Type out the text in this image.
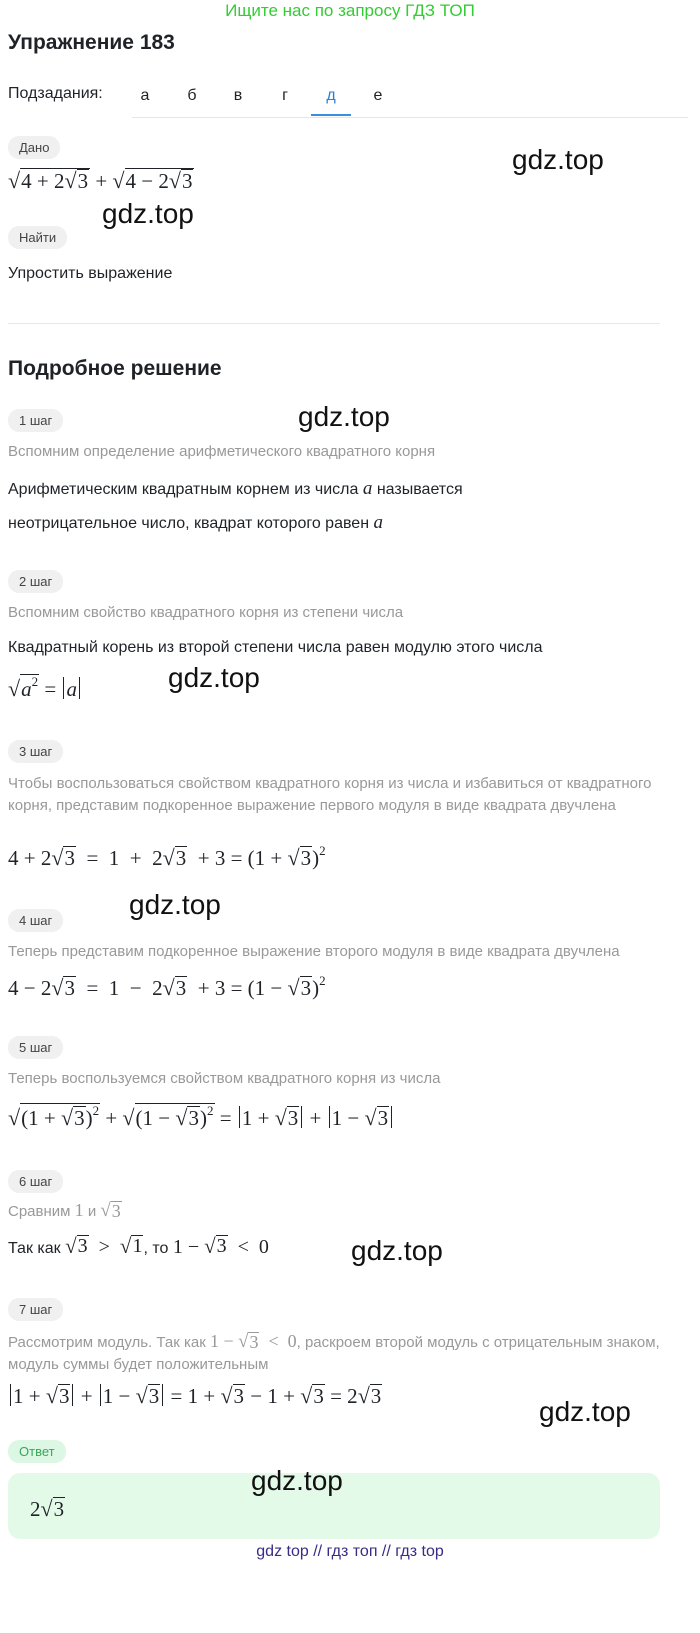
Ищите нас по запросу ГДЗ ТОП
Упражнение 183
Подзадания:	а	б	в	г	д	е
Дано
√ 4 + 2 √ 3 + √ 4 − 2 √ 3
gdz.top
gdz.top
Найти
Упростить выражение
Подробное решение
1 шаг	gdz.top
Вспомним определение арифметического квадратного корня
Арифметическим квадратным корнем из числа a называется
неотрицательное число, квадрат которого равен a
2 шаг
Вспомним свойство квадратного корня из степени числа
Квадратный корень из второй степени числа равен модулю этого числа
√ $a^2 = a$	gdz.top
3 шаг
Чтобы воспользоваться свойством квадратного корня из числа и избавиться от квадратного корня, представим подкоренное выражение первого модуля в виде квадрата двучлена
4 + 2 √ 3 =  1  +  2 √ 3 + 3 = (1 + √ 3 )$^2$
4 шаг
gdz.top
Теперь представим подкоренное выражение второго модуля в виде квадрата двучлена
4 − 2 √ 3 =  1  −  2 √ 3 + 3 = (1 − √ 3 )$^2$
5 шаг
Теперь воспользуемся свойством квадратного корня из числа
√ (1 + √ 3 )$^2$ + √ (1 − √ 3 )$^2$ = 1 + √ 3 + 1 − √ 3
6 шаг
Сравним 1 и √ 3
Так как √ 3 > √ 1 , то 1 − √ 3 <  0	gdz.top
7 шаг
Рассмотрим модуль. Так как 1 − √ 3 <  0, раскроем второй модуль с отрицательным знаком, модуль суммы будет положительным
1 + √ 3 + 1 − √ 3 = 1 + √ 3 − 1 + √ 3 = 2 √ 3	gdz.top
Ответ
2 √ 3
gdz.top
gdz top // гдз топ // гдз top
